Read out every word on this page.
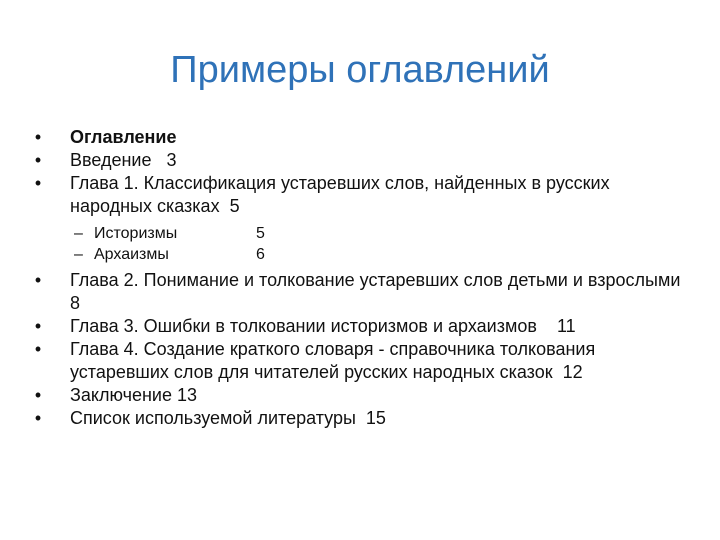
Примеры оглавлений
• Оглавление
• Введение   3
• Глава 1. Классификация устаревших слов, найденных в русских народных сказках  5
– Историзмы	5
– Архаизмы	6
• Глава 2. Понимание и толкование устаревших слов детьми и взрослыми  8
• Глава 3. Ошибки в толковании историзмов и архаизмов    11
• Глава 4. Создание краткого словаря - справочника толкования устаревших слов для читателей русских народных сказок  12
• Заключение 13
• Список используемой литературы  15
